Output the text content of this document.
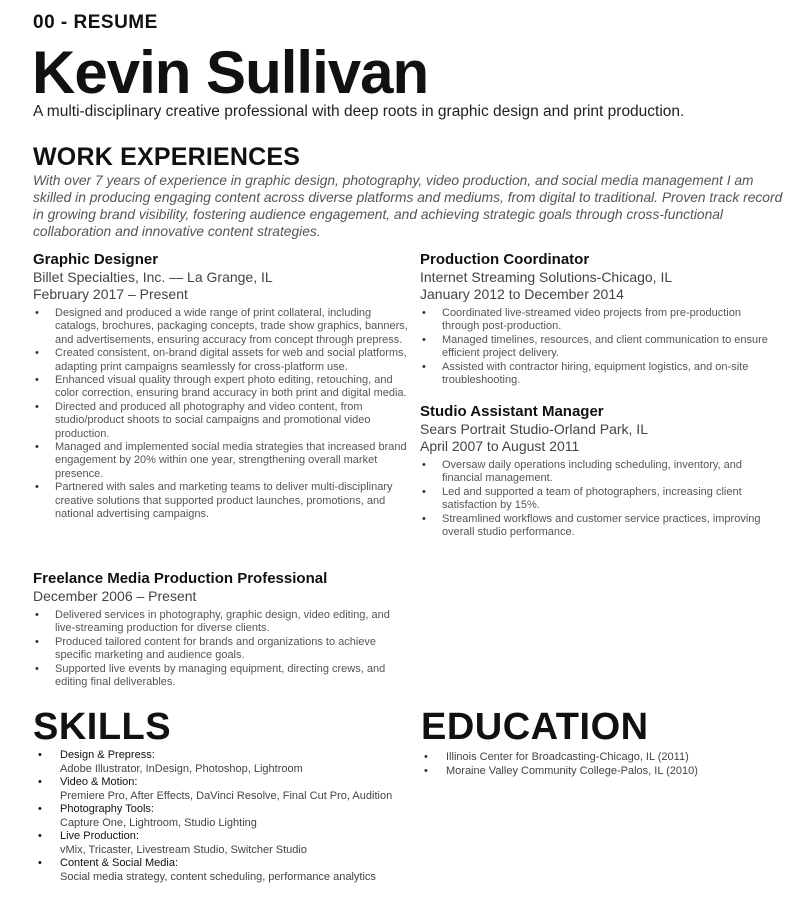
00 - RESUME
Kevin Sullivan
A multi-disciplinary creative professional with deep roots in graphic design and print production.
WORK EXPERIENCES
With over 7 years of experience in graphic design, photography, video production, and social media management I am skilled in producing engaging content across diverse platforms and mediums, from digital to traditional. Proven track record in growing brand visibility, fostering audience engagement, and achieving strategic goals through cross-functional collaboration and innovative content strategies.
Graphic Designer
Billet Specialties, Inc. — La Grange, IL
February 2017 – Present
• Designed and produced a wide range of print collateral, including catalogs, brochures, packaging concepts, trade show graphics, banners, and advertisements, ensuring accuracy from concept through prepress.
• Created consistent, on-brand digital assets for web and social platforms, adapting print campaigns seamlessly for cross-platform use.
• Enhanced visual quality through expert photo editing, retouching, and color correction, ensuring brand accuracy in both print and digital media.
• Directed and produced all photography and video content, from studio/product shoots to social campaigns and promotional video production.
• Managed and implemented social media strategies that increased brand engagement by 20% within one year, strengthening overall market presence.
• Partnered with sales and marketing teams to deliver multi-disciplinary creative solutions that supported product launches, promotions, and national advertising campaigns.
Freelance Media Production Professional
December 2006 – Present
• Delivered services in photography, graphic design, video editing, and live-streaming production for diverse clients.
• Produced tailored content for brands and organizations to achieve specific marketing and audience goals.
• Supported live events by managing equipment, directing crews, and editing final deliverables.
Production Coordinator
Internet Streaming Solutions-Chicago, IL
January 2012 to December 2014
• Coordinated live-streamed video projects from pre-production through post-production.
• Managed timelines, resources, and client communication to ensure efficient project delivery.
• Assisted with contractor hiring, equipment logistics, and on-site troubleshooting.
Studio Assistant Manager
Sears Portrait Studio-Orland Park, IL
April 2007 to August 2011
• Oversaw daily operations including scheduling, inventory, and financial management.
• Led and supported a team of photographers, increasing client satisfaction by 15%.
• Streamlined workflows and customer service practices, improving overall studio performance.
SKILLS
• Design & Prepress:
Adobe Illustrator, InDesign, Photoshop, Lightroom
• Video & Motion:
Premiere Pro, After Effects, DaVinci Resolve, Final Cut Pro, Audition
• Photography Tools:
Capture One, Lightroom, Studio Lighting
• Live Production:
vMix, Tricaster, Livestream Studio, Switcher Studio
• Content & Social Media:
Social media strategy, content scheduling, performance analytics
EDUCATION
• Illinois Center for Broadcasting-Chicago, IL (2011)
• Moraine Valley Community College-Palos, IL (2010)
